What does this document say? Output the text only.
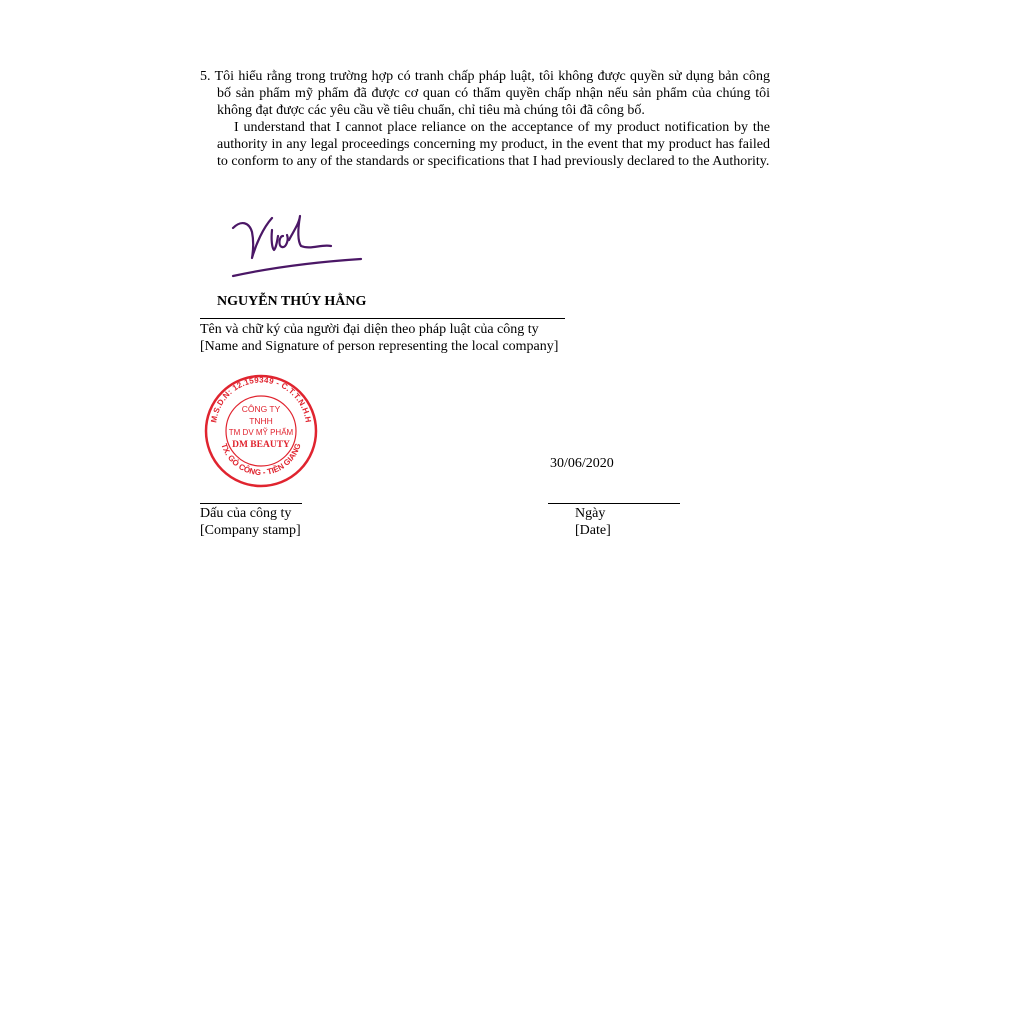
5. Tôi hiểu rằng trong trường hợp có tranh chấp pháp luật, tôi không được quyền sử dụng bản công bố sản phẩm mỹ phẩm đã được cơ quan có thẩm quyền chấp nhận nếu sản phẩm của chúng tôi không đạt được các yêu cầu về tiêu chuẩn, chỉ tiêu mà chúng tôi đã công bố.

I understand that I cannot place reliance on the acceptance of my product notification by the authority in any legal proceedings concerning my product, in the event that my product has failed to conform to any of the standards or specifications that I had previously declared to the Authority.

NGUYỄN THÚY HẰNG
Tên và chữ ký của người đại diện theo pháp luật của công ty
[Name and Signature of person representing the local company]
M.S.D.N: 12.159349 - C.T.T.N.H.H
TX. GÒ CÔNG - TIỀN GIANG
CÔNG TY
TNHH
TM DV MỸ PHẨM
DM BEAUTY
30/06/2020
Dấu của công ty
[Company stamp]
Ngày
[Date]
